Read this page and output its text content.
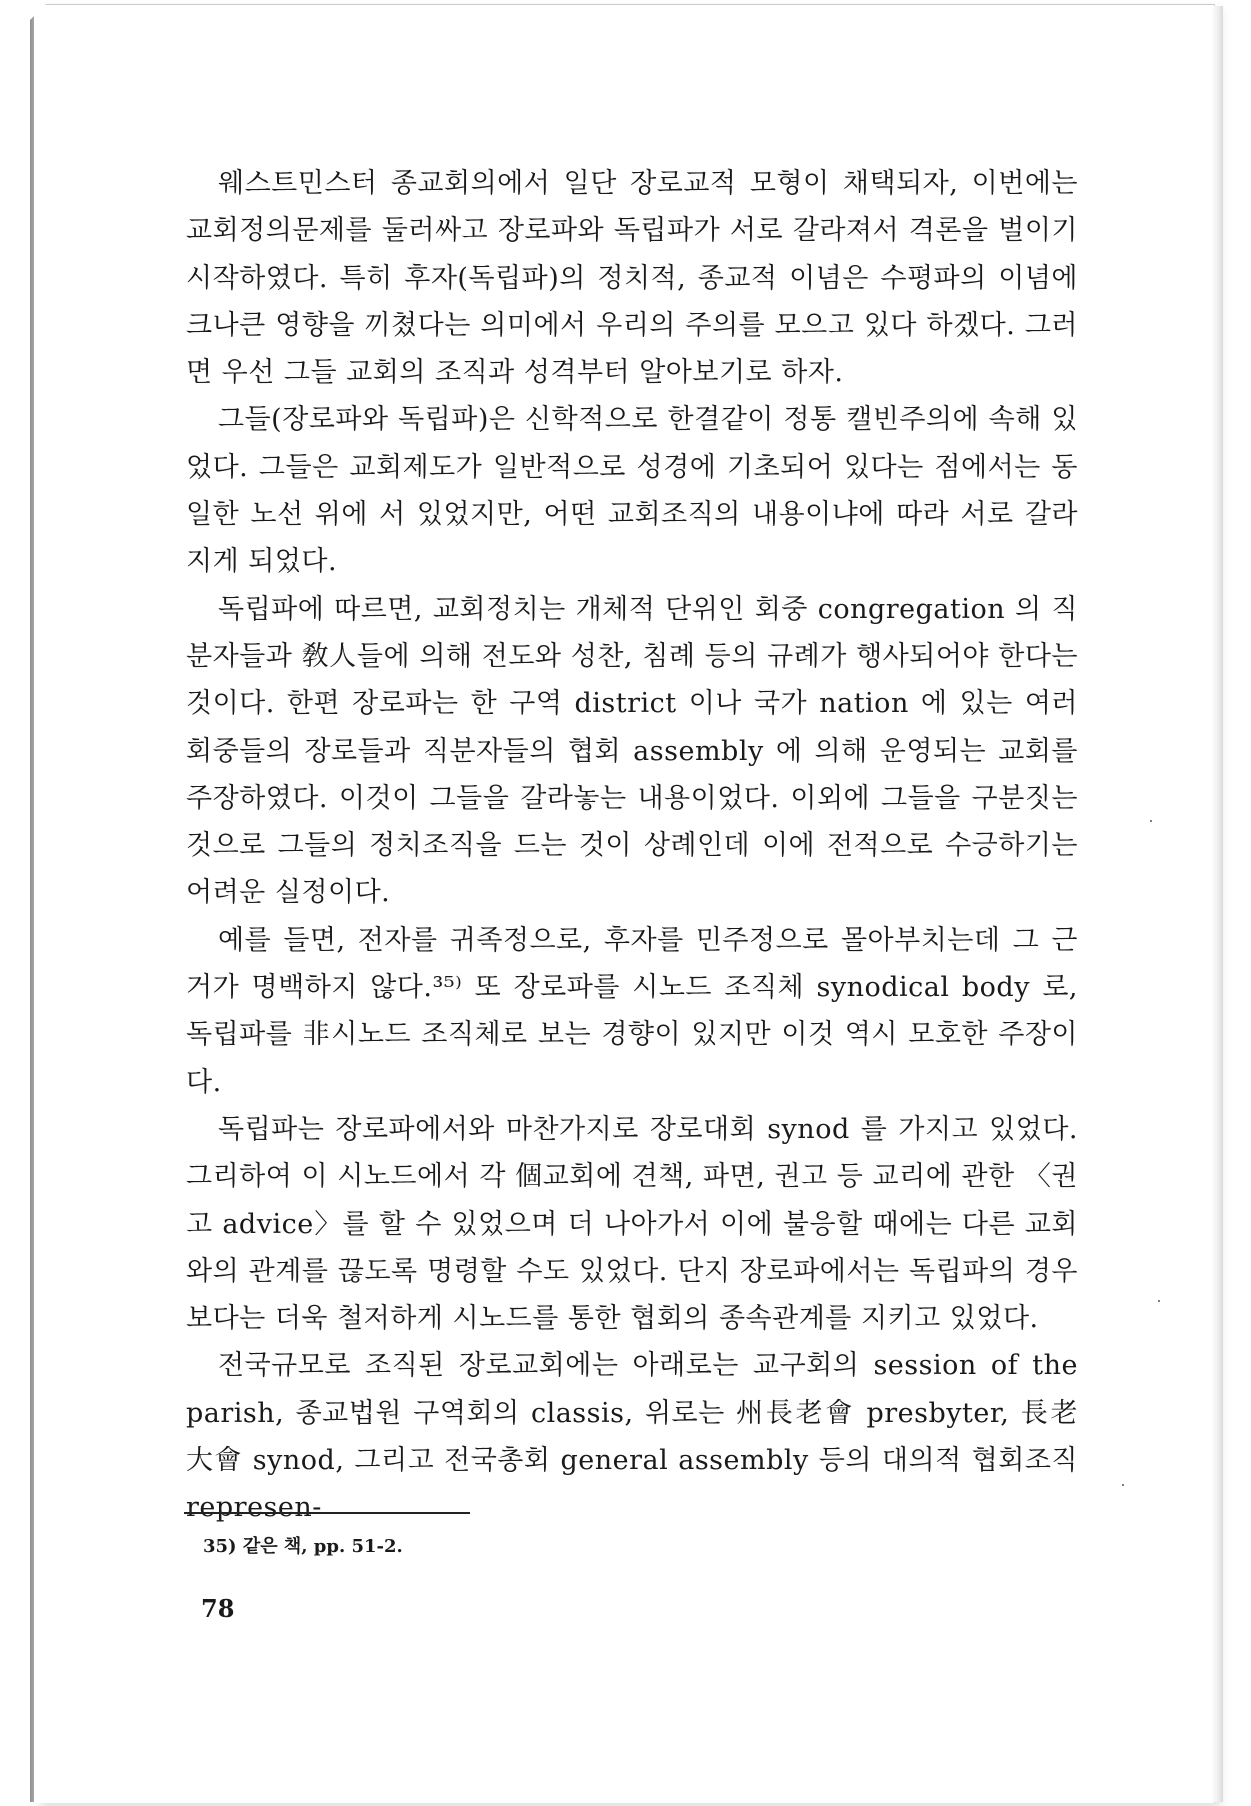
웨스트민스터 종교회의에서 일단 장로교적 모형이 채택되자, 이번에는 교회정의문제를 둘러싸고 장로파와 독립파가 서로 갈라져서 격론을 벌이기 시작하였다. 특히 후자(독립파)의 정치적, 종교적 이념은 수평파의 이념에 크나큰 영향을 끼쳤다는 의미에서 우리의 주의를 모으고 있다 하겠다. 그러면 우선 그들 교회의 조직과 성격부터 알아보기로 하자.

그들(장로파와 독립파)은 신학적으로 한결같이 정통 캘빈주의에 속해 있었다. 그들은 교회제도가 일반적으로 성경에 기초되어 있다는 점에서는 동일한 노선 위에 서 있었지만, 어떤 교회조직의 내용이냐에 따라 서로 갈라지게 되었다.

독립파에 따르면, 교회정치는 개체적 단위인 회중 congregation 의 직분자들과 敎人들에 의해 전도와 성찬, 침례 등의 규례가 행사되어야 한다는 것이다. 한편 장로파는 한 구역 district 이나 국가 nation 에 있는 여러 회중들의 장로들과 직분자들의 협회 assembly 에 의해 운영되는 교회를 주장하였다. 이것이 그들을 갈라놓는 내용이었다. 이외에 그들을 구분짓는 것으로 그들의 정치조직을 드는 것이 상례인데 이에 전적으로 수긍하기는 어려운 실정이다.

예를 들면, 전자를 귀족정으로, 후자를 민주정으로 몰아부치는데 그 근거가 명백하지 않다.³⁵⁾ 또 장로파를 시노드 조직체 synodical body 로, 독립파를 非시노드 조직체로 보는 경향이 있지만 이것 역시 모호한 주장이다.

독립파는 장로파에서와 마찬가지로 장로대회 synod 를 가지고 있었다. 그리하여 이 시노드에서 각 個교회에 견책, 파면, 권고 등 교리에 관한 〈권고 advice〉를 할 수 있었으며 더 나아가서 이에 불응할 때에는 다른 교회와의 관계를 끊도록 명령할 수도 있었다. 단지 장로파에서는 독립파의 경우보다는 더욱 철저하게 시노드를 통한 협회의 종속관계를 지키고 있었다.

전국규모로 조직된 장로교회에는 아래로는 교구회의 session of the parish, 종교법원 구역회의 classis, 위로는 州長老會 presbyter, 長老大會 synod, 그리고 전국총회 general assembly 등의 대의적 협회조직 represen-

35) 같은 책, pp. 51-2.
78
